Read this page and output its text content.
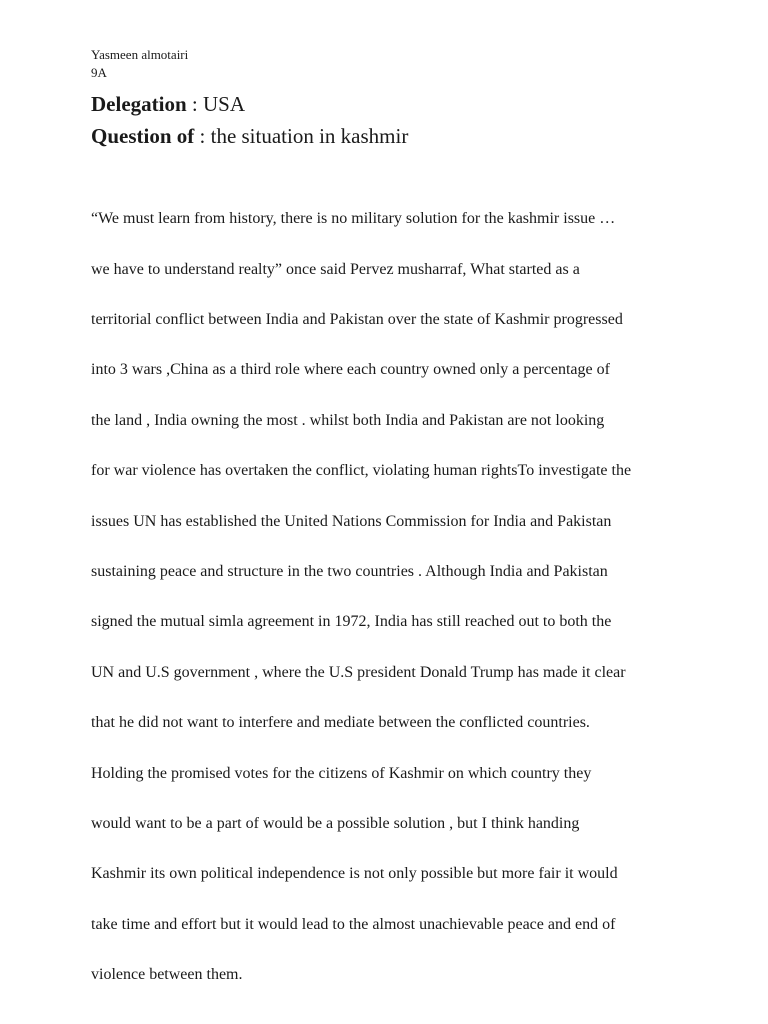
Yasmeen almotairi
9A
Delegation : USA
Question of : the situation in kashmir

“We must learn from history, there is no military solution for the kashmir issue …

we have to understand realty” once said Pervez musharraf, What started as a

territorial conflict between India and Pakistan over the state of Kashmir progressed

into 3 wars ,China as a third role where each country owned only a percentage of

the land , India owning the most . whilst both India and Pakistan are not looking

for war violence has overtaken the conflict, violating human rightsTo investigate the

issues UN has established the United Nations Commission for India and Pakistan

sustaining peace and structure in the two countries . Although India and Pakistan

signed the mutual simla agreement in 1972, India has still reached out to both the

UN and U.S government , where the U.S president Donald Trump has made it clear

that he did not want to interfere and mediate between the conflicted countries.

Holding the promised votes for the citizens of Kashmir on which country they

would want to be a part of would be a possible solution , but I think handing

Kashmir its own political independence is not only possible but more fair it would

take time and effort but it would lead to the almost unachievable peace and end of

violence between them.
